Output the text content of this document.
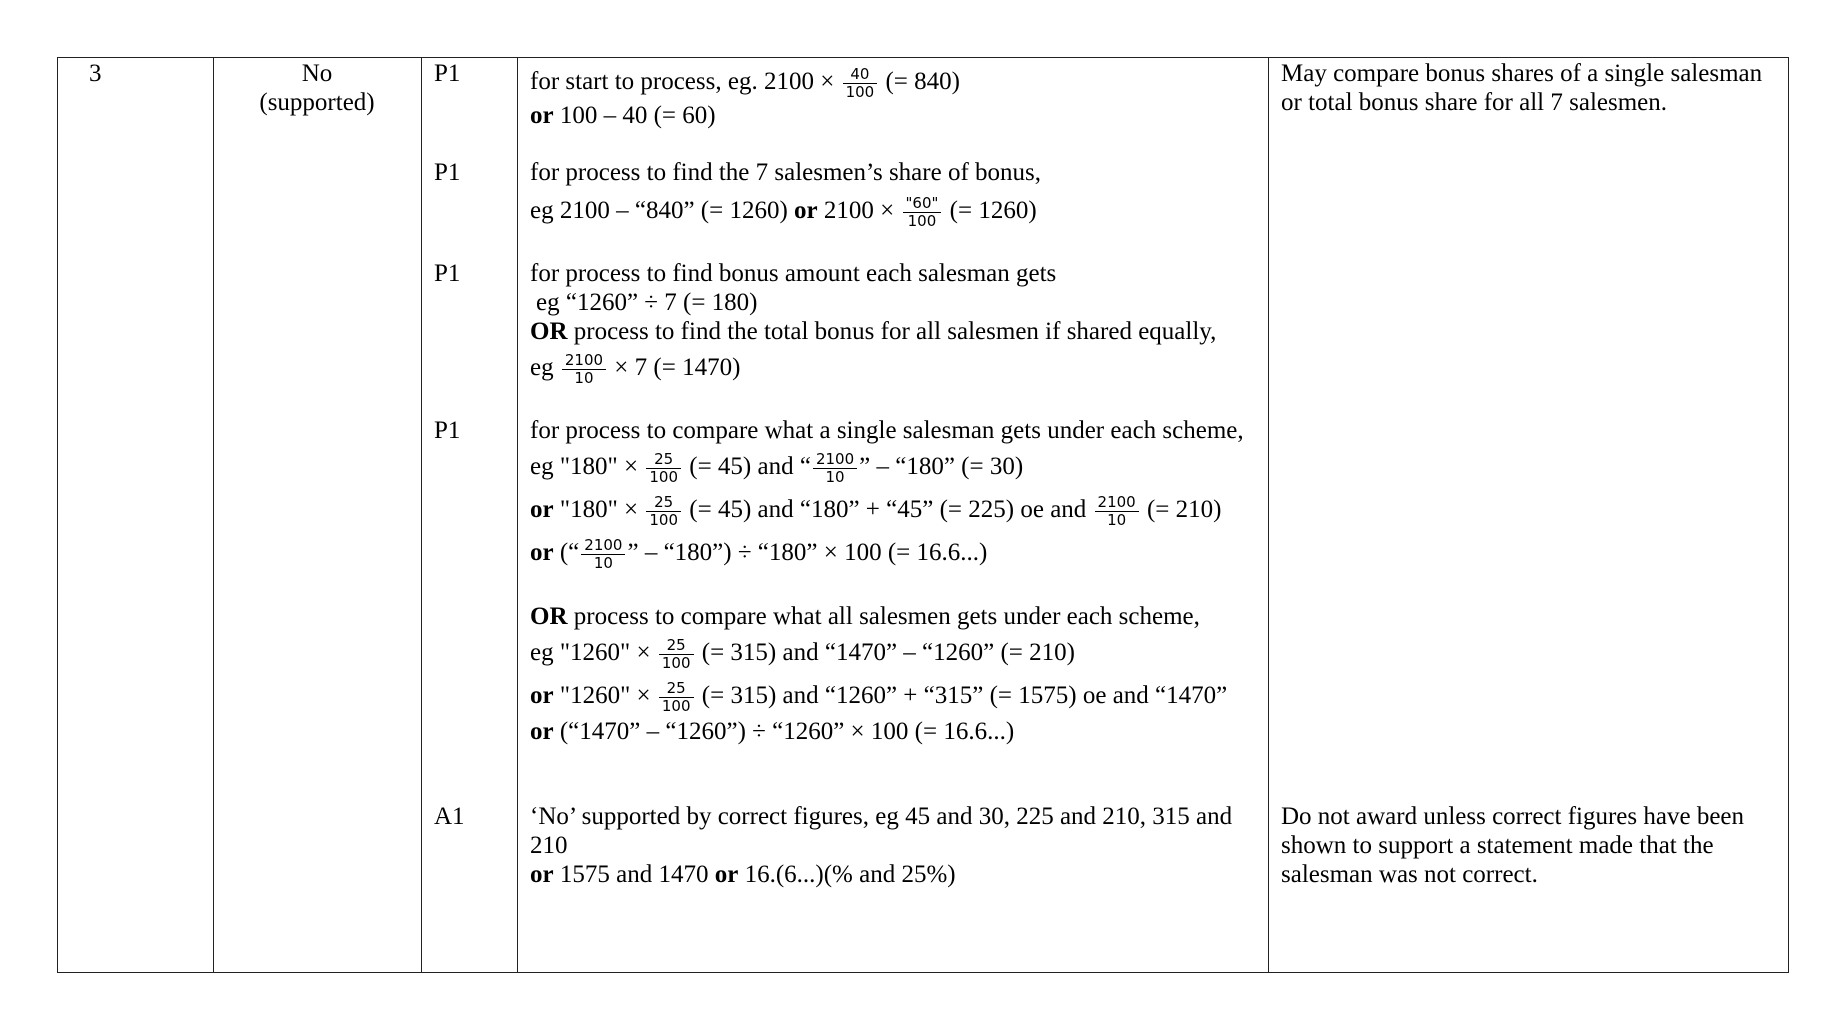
3	No
(supported)
P1
P1
P1
P1
A1
for start to process, eg. $2100 \times \frac{40}{100}$ (= 840)
or 100 – 40 (= 60)
for process to find the 7 salesmen’s share of bonus,
eg 2100 – “840” (= 1260) or $2100 \times \frac{"60"}{100}$ (= 1260)
for process to find bonus amount each salesman gets
eg “1260” ÷ 7 (= 180)
OR process to find the total bonus for all salesmen if shared equally,
eg $\frac{2100}{10} \times 7$ (= 1470)
for process to compare what a single salesman gets under each scheme,
eg "180" × $\frac{25}{100}$ (= 45) and “ $\frac{2100}{10}$ ” – “180” (= 30)
or "180" × $\frac{25}{100}$ (= 45) and “180” + “45” (= 225) oe and $\frac{2100}{10}$ (= 210)
or (“ $\frac{2100}{10}$ ” – “180”) ÷ “180” × 100 (= 16.6...)
OR process to compare what all salesmen gets under each scheme,
eg "1260" × $\frac{25}{100}$ (= 315) and “1470” – “1260” (= 210)
or "1260" × $\frac{25}{100}$ (= 315) and “1260” + “315” (= 1575) oe and “1470”
or (“1470” – “1260”) ÷ “1260” × 100 (= 16.6...)
‘No’ supported by correct figures, eg 45 and 30, 225 and 210, 315 and
210
or 1575 and 1470 or 16.(6...)(% and 25%)
May compare bonus shares of a single salesman
or total bonus share for all 7 salesmen.
Do not award unless correct figures have been
shown to support a statement made that the
salesman was not correct.
